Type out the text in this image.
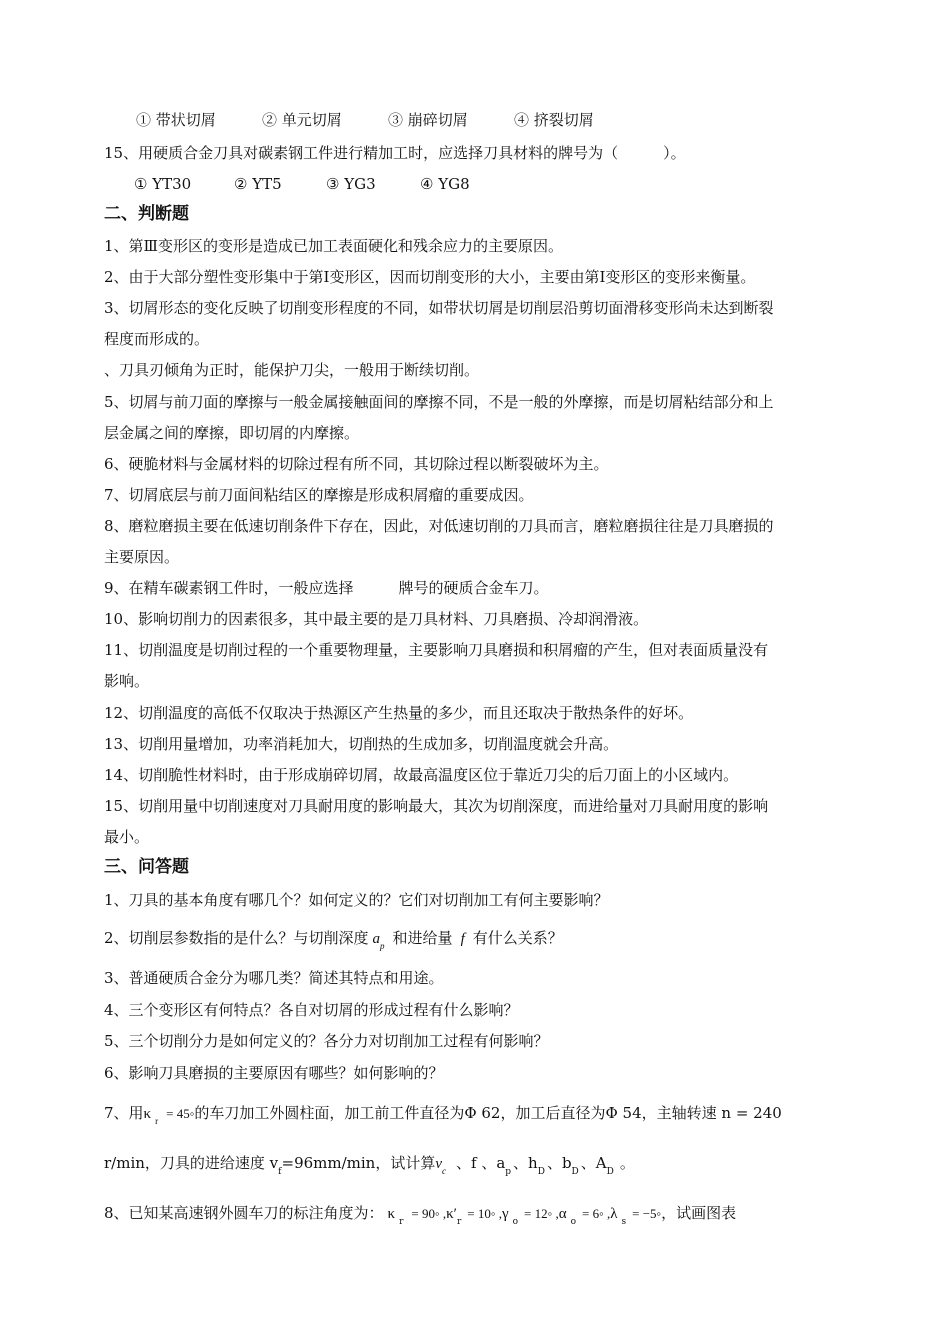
① 带状切屑	② 单元切屑	③ 崩碎切屑	④ 挤裂切屑
15、用硬质合金刀具对碳素钢工件进行精加工时，应选择刀具材料的牌号为（　　　）。
① YT30	② YT5	③ YG3	④ YG8
二、判断题
1、第Ⅲ变形区的变形是造成已加工表面硬化和残余应力的主要原因。
2、由于大部分塑性变形集中于第Ⅰ变形区，因而切削变形的大小，主要由第Ⅰ变形区的变形来衡量。
3、切屑形态的变化反映了切削变形程度的不同，如带状切屑是切削层沿剪切面滑移变形尚未达到断裂
程度而形成的。
、刀具刃倾角为正时，能保护刀尖，一般用于断续切削。
5、切屑与前刀面的摩擦与一般金属接触面间的摩擦不同，不是一般的外摩擦，而是切屑粘结部分和上
层金属之间的摩擦，即切屑的内摩擦。
6、硬脆材料与金属材料的切除过程有所不同，其切除过程以断裂破坏为主。
7、切屑底层与前刀面间粘结区的摩擦是形成积屑瘤的重要成因。
8、磨粒磨损主要在低速切削条件下存在，因此，对低速切削的刀具而言，磨粒磨损往往是刀具磨损的
主要原因。
9、在精车碳素钢工件时，一般应选择　　　牌号的硬质合金车刀。
10、影响切削力的因素很多，其中最主要的是刀具材料、刀具磨损、冷却润滑液。
11、切削温度是切削过程的一个重要物理量，主要影响刀具磨损和积屑瘤的产生，但对表面质量没有
影响。
12、切削温度的高低不仅取决于热源区产生热量的多少，而且还取决于散热条件的好坏。
13、切削用量增加，功率消耗加大，切削热的生成加多，切削温度就会升高。
14、切削脆性材料时，由于形成崩碎切屑，故最高温度区位于靠近刀尖的后刀面上的小区域内。
15、切削用量中切削速度对刀具耐用度的影响最大，其次为切削深度，而进给量对刀具耐用度的影响
最小。
三、问答题
1、刀具的基本角度有哪几个？如何定义的？它们对切削加工有何主要影响？
2、切削层参数指的是什么？与切削深度 $a_p$ 和进给量 f 有什么关系？
3、普通硬质合金分为哪几类？简述其特点和用途。
4、三个变形区有何特点？各自对切屑的形成过程有什么影响？
5、三个切削分力是如何定义的？各分力对切削加工过程有何影响？
6、影响刀具磨损的主要原因有哪些？如何影响的？
7、用κ $_r$ = 45◦的车刀加工外圆柱面，加工前工件直径为Φ 62，加工后直径为Φ 54，主轴转速 n = 240
r/min，刀具的进给速度 $v_f=96mm/\min$，试计算$v_c$ 、f 、$a_p$ 、$h_D$ 、$b_D$ 、$A_D$ 。
8、已知某高速钢外圆车刀的标注角度为： κ $_r$= 90◦ $,\kappa'_r=$ 10◦ ,γ $_o$= 12◦ ,α $_o$= 6◦ ,λ $_s$= −5◦，试画图表
